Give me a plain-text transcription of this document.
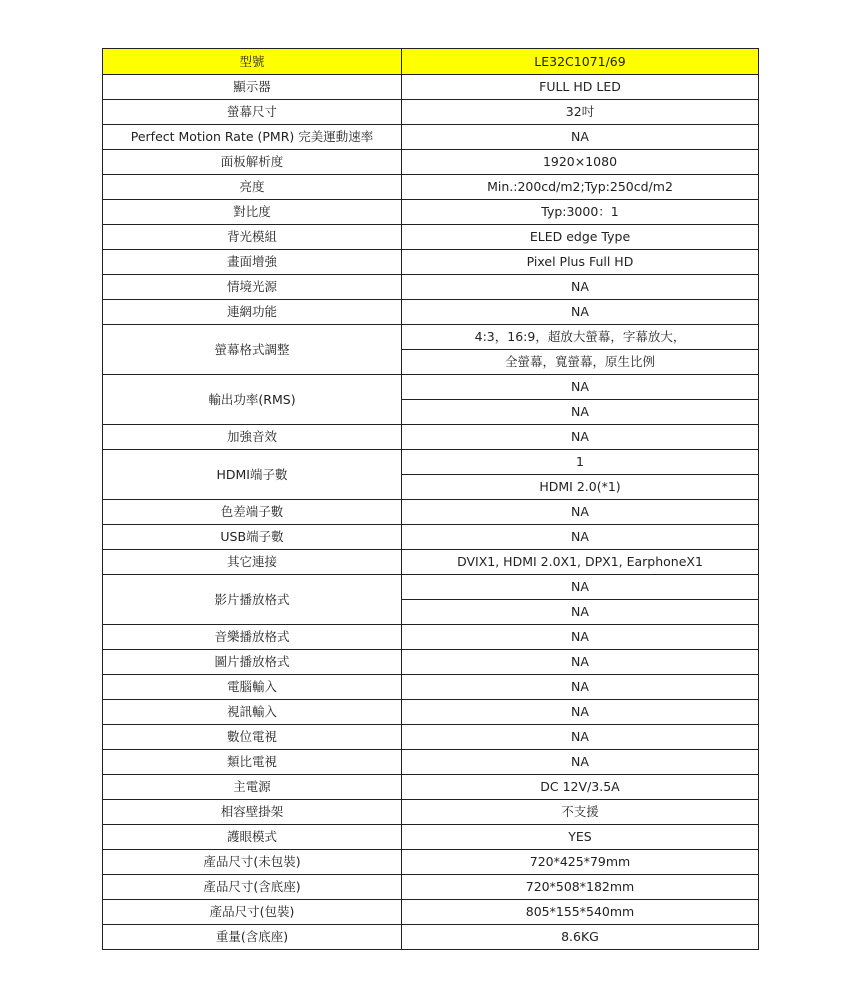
型號	LE32C1071/69
顯示器	FULL HD LED
螢幕尺寸	32吋
Perfect Motion Rate (PMR) 完美運動速率	NA
面板解析度	1920×1080
亮度	Min.:200cd/m2;Typ:250cd/m2
對比度	Typ:3000：1
背光模組	ELED edge Type
畫面增強	Pixel Plus Full HD
情境光源	NA
連網功能	NA
螢幕格式調整	4:3，16:9，超放大螢幕，字幕放大，
	全螢幕，寬螢幕，原生比例
輸出功率(RMS)	NA
	NA
加強音效	NA
HDMI端子數	1
	HDMI 2.0(*1)
色差端子數	NA
USB端子數	NA
其它連接	DVIX1, HDMI 2.0X1, DPX1, EarphoneX1
影片播放格式	NA
	NA
音樂播放格式	NA
圖片播放格式	NA
電腦輸入	NA
視訊輸入	NA
數位電視	NA
類比電視	NA
主電源	DC 12V/3.5A
相容壁掛架	不支援
護眼模式	YES
產品尺寸(未包裝)	720*425*79mm
產品尺寸(含底座)	720*508*182mm
產品尺寸(包裝)	805*155*540mm
重量(含底座)	8.6KG
